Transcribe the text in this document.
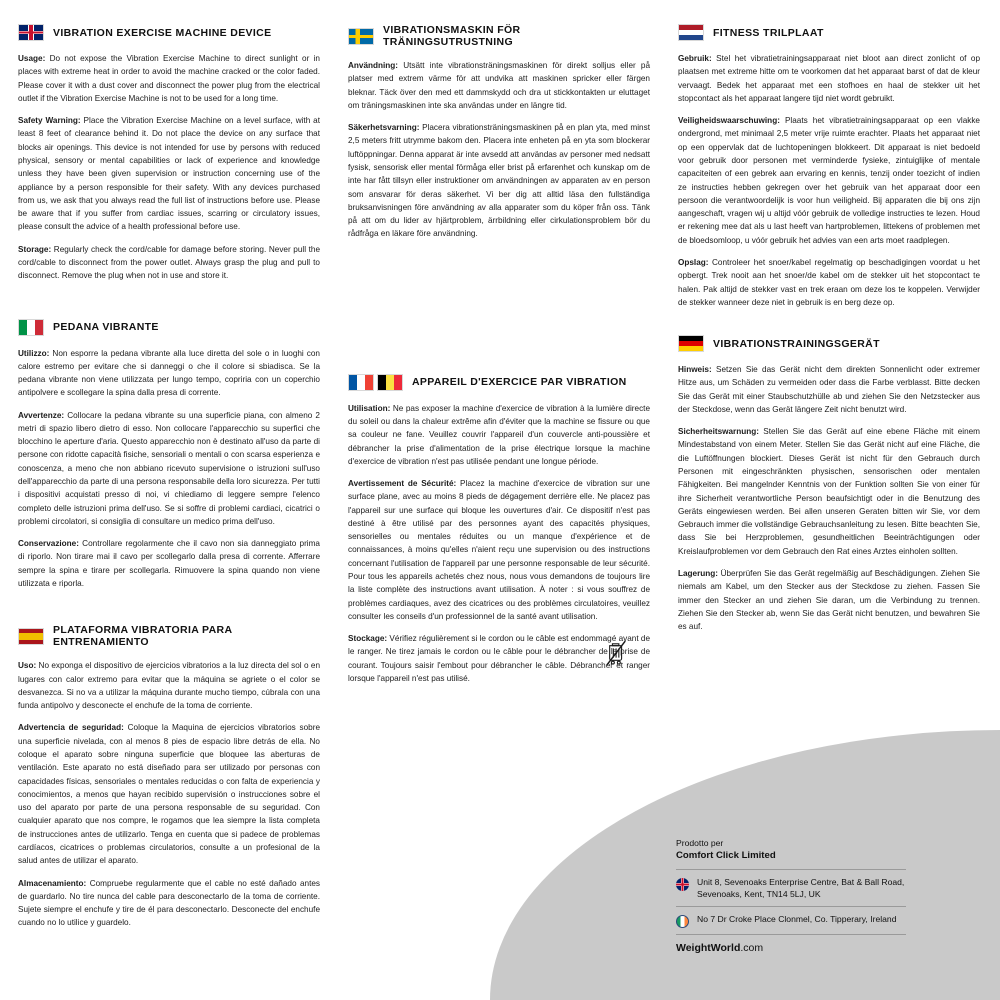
VIBRATION EXERCISE MACHINE DEVICE

Usage: Do not expose the Vibration Exercise Machine to direct sunlight or in places with extreme heat in order to avoid the machine cracked or the color faded. Please cover it with a dust cover and disconnect the power plug from the electrical outlet if the Vibration Exercise Machine is not to be used for a long time.

Safety Warning: Place the Vibration Exercise Machine on a level surface, with at least 8 feet of clearance behind it. Do not place the device on any surface that blocks air openings. This device is not intended for use by persons with reduced physical, sensory or mental capabilities or lack of experience and knowledge unless they have been given supervision or instruction concerning use of the appliance by a person responsible for their safety. With any devices purchased from us, we ask that you always read the full list of instructions before use. Please be aware that if you suffer from cardiac issues, scarring or circulatory issues, please consult the advice of a health professional before use.

Storage: Regularly check the cord/cable for damage before storing. Never pull the cord/cable to disconnect from the power outlet. Always grasp the plug and pull to disconnect. Remove the plug when not in use and store it.

PEDANA VIBRANTE

Utilizzo: Non esporre la pedana vibrante alla luce diretta del sole o in luoghi con calore estremo per evitare che si danneggi o che il colore si sbiadisca. Se la pedana vibrante non viene utilizzata per lungo tempo, copriria con un coperchio antipolvere e scollegare la spina dalla presa di corrente.

Avvertenze: Collocare la pedana vibrante su una superficie piana, con almeno 2 metri di spazio libero dietro di esso. Non collocare l'apparecchio su superfici che blocchino le aperture d'aria. Questo apparecchio non è destinato all'uso da parte di persone con ridotte capacità fisiche, sensoriali o mentali o con scarsa esperienza e conoscenza, a meno che non abbiano ricevuto supervisione o istruzioni sull'uso dell'apparecchio da parte di una persona responsabile della loro sicurezza. Per tutti i dispositivi acquistati presso di noi, vi chiediamo di leggere sempre l'elenco completo delle istruzioni prima dell'uso. Se si soffre di problemi cardiaci, cicatrici o problemi circolatori, si consiglia di consultare un medico prima dell'uso.

Conservazione: Controllare regolarmente che il cavo non sia danneggiato prima di riporlo. Non tirare mai il cavo per scollegarlo dalla presa di corrente. Afferrare sempre la spina e tirare per scollegarla. Rimuovere la spina quando non viene utilizzata e riporla.

PLATAFORMA VIBRATORIA PARA ENTRENAMIENTO

Uso: No exponga el dispositivo de ejercicios vibratorios a la luz directa del sol o en lugares con calor extremo para evitar que la máquina se agriete o el color se desvanezca. Si no va a utilizar la máquina durante mucho tiempo, cúbrala con una funda antipolvo y desconecte el enchufe de la toma de corriente.

Advertencia de seguridad: Coloque la Maquina de ejercicios vibratorios sobre una superficie nivelada, con al menos 8 pies de espacio libre detrás de ella. No coloque el aparato sobre ninguna superficie que bloquee las aberturas de ventilación. Este aparato no está diseñado para ser utilizado por personas con capacidades físicas, sensoriales o mentales reducidas o con falta de experiencia y conocimientos, a menos que hayan recibido supervisión o instrucciones sobre el uso del aparato por parte de una persona responsable de su seguridad. Con cualquier aparato que nos compre, le rogamos que lea siempre la lista completa de instrucciones antes de utilizarlo. Tenga en cuenta que si padece de problemas cardíacos, cicatrices o problemas circulatorios, consulte a un profesional de la salud antes de utilizar el aparato.

Almacenamiento: Compruebe regularmente que el cable no esté dañado antes de guardarlo. No tire nunca del cable para desconectarlo de la toma de corriente. Sujete siempre el enchufe y tire de él para desconectarlo. Desconecte del enchufe cuando no lo utilice y guardelo.

VIBRATIONSMASKIN FÖR TRÄNINGSUTRUSTNING

Användning: Utsätt inte vibrationsträningsmaskinen för direkt solljus eller på platser med extrem värme för att undvika att maskinen spricker eller färgen bleknar. Täck över den med ett dammskydd och dra ut stickkontakten ur eluttaget om träningsmaskinen inte ska användas under en längre tid.

Säkerhetsvarning: Placera vibrationsträningsmaskinen på en plan yta, med minst 2,5 meters fritt utrymme bakom den. Placera inte enheten på en yta som blockerar luftöppningar. Denna apparat är inte avsedd att användas av personer med nedsatt fysisk, sensorisk eller mental förmåga eller brist på erfarenhet och kunskap om de inte har fått tillsyn eller instruktioner om användningen av apparaten av en person som ansvarar för deras säkerhet. Vi ber dig att alltid läsa den fullständiga bruksanvisningen före användning av alla apparater som du köper från oss. Tänk på att om du lider av hjärtproblem, ärrbildning eller cirkulationsproblem bör du rådfråga en läkare före användning.

APPAREIL D'EXERCICE PAR VIBRATION

Utilisation: Ne pas exposer la machine d'exercice de vibration à la lumière directe du soleil ou dans la chaleur extrême afin d'éviter que la machine se fissure ou que sa couleur ne fane. Veuillez couvrir l'appareil d'un couvercle anti-poussière et débrancher la prise d'alimentation de la prise électrique lorsque la machine d'exercice de vibration n'est pas utilisée pendant une longue période.

Avertissement de Sécurité: Placez la machine d'exercice de vibration sur une surface plane, avec au moins 8 pieds de dégagement derrière elle. Ne placez pas l'appareil sur une surface qui bloque les ouvertures d'air. Ce dispositif n'est pas destiné à être utilisé par des personnes ayant des capacités physiques, sensorielles ou mentales réduites ou un manque d'expérience et de connaissances, à moins qu'elles n'aient reçu une supervision ou des instructions concernant l'utilisation de l'appareil par une personne responsable de leur sécurité. Pour tous les appareils achetés chez nous, nous vous demandons de toujours lire la liste complète des instructions avant utilisation. À noter : si vous souffrez de problèmes cardiaques, avez des cicatrices ou des problèmes circulatoires, veuillez consulter les conseils d'un professionnel de la santé avant utilisation.

Stockage: Vérifiez régulièrement si le cordon ou le câble est endommagé avant de le ranger. Ne tirez jamais le cordon ou le câble pour le débrancher de la prise de courant. Toujours saisir l'embout pour débrancher le câble. Débrancher et ranger lorsque l'appareil n'est pas utilisé.

FITNESS TRILPLAAT

Gebruik: Stel het vibratietrainingsapparaat niet bloot aan direct zonlicht of op plaatsen met extreme hitte om te voorkomen dat het apparaat barst of dat de kleur vervaagt. Bedek het apparaat met een stofhoes en haal de stekker uit het stopcontact als het apparaat langere tijd niet wordt gebruikt.

Veiligheidswaarschuwing: Plaats het vibratietrainingsapparaat op een vlakke ondergrond, met minimaal 2,5 meter vrije ruimte erachter. Plaats het apparaat niet op een oppervlak dat de luchtopeningen blokkeert. Dit apparaat is niet bedoeld voor gebruik door personen met verminderde fysieke, zintuiglijke of mentale capaciteiten of een gebrek aan ervaring en kennis, tenzij onder toezicht of indien ze instructies hebben gekregen over het gebruik van het apparaat door een persoon die verantwoordelijk is voor hun veiligheid. Bij apparaten die bij ons zijn aangeschaft, vragen wij u altijd vóór gebruik de volledige instructies te lezen. Houd er rekening mee dat als u last heeft van hartproblemen, littekens of problemen met de bloedsomloop, u vóór gebruik het advies van een arts moet raadplegen.

Opslag: Controleer het snoer/kabel regelmatig op beschadigingen voordat u het opbergt. Trek nooit aan het snoer/de kabel om de stekker uit het stopcontact te halen. Pak altijd de stekker vast en trek eraan om deze los te koppelen. Verwijder de stekker wanneer deze niet in gebruik is en berg deze op.

VIBRATIONSTRAININGSGERÄT

Hinweis: Setzen Sie das Gerät nicht dem direkten Sonnenlicht oder extremer Hitze aus, um Schäden zu vermeiden oder dass die Farbe verblasst. Bitte decken Sie das Gerät mit einer Staubschutzhülle ab und ziehen Sie den Netzstecker aus der Steckdose, wenn das Gerät längere Zeit nicht benutzt wird.

Sicherheitswarnung: Stellen Sie das Gerät auf eine ebene Fläche mit einem Mindestabstand von einem Meter. Stellen Sie das Gerät nicht auf eine Fläche, die die Luftöffnungen blockiert. Dieses Gerät ist nicht für den Gebrauch durch Personen mit eingeschränkten physischen, sensorischen oder mentalen Fähigkeiten. Bei mangelnder Kenntnis von der Funktion sollten Sie von einer für ihre Sicherheit verantwortliche Person beaufsichtigt oder in die Benutzung des Geräts eingewiesen werden. Bei allen unseren Geraten bitten wir Sie, vor dem Gebrauch immer die vollständige Gebrauchsanleitung zu lesen. Bitte beachten Sie, dass Sie bei Herzproblemen, gesundheitlichen Beeinträchtigungen oder Kreislaufproblemen vor dem Gebrauch den Rat eines Arztes einholen sollten.

Lagerung: Überprüfen Sie das Gerät regelmäßig auf Beschädigungen. Ziehen Sie niemals am Kabel, um den Stecker aus der Steckdose zu ziehen. Fassen Sie immer den Stecker an und ziehen Sie daran, um die Verbindung zu trennen. Ziehen Sie den Stecker ab, wenn Sie das Gerät nicht benutzen, und bewahren Sie es auf.

Prodotto per
Comfort Click Limited
Unit 8, Sevenoaks Enterprise Centre, Bat & Ball Road, Sevenoaks, Kent, TN14 5LJ, UK
No 7 Dr Croke Place Clonmel, Co. Tipperary, Ireland
WeightWorld.com
